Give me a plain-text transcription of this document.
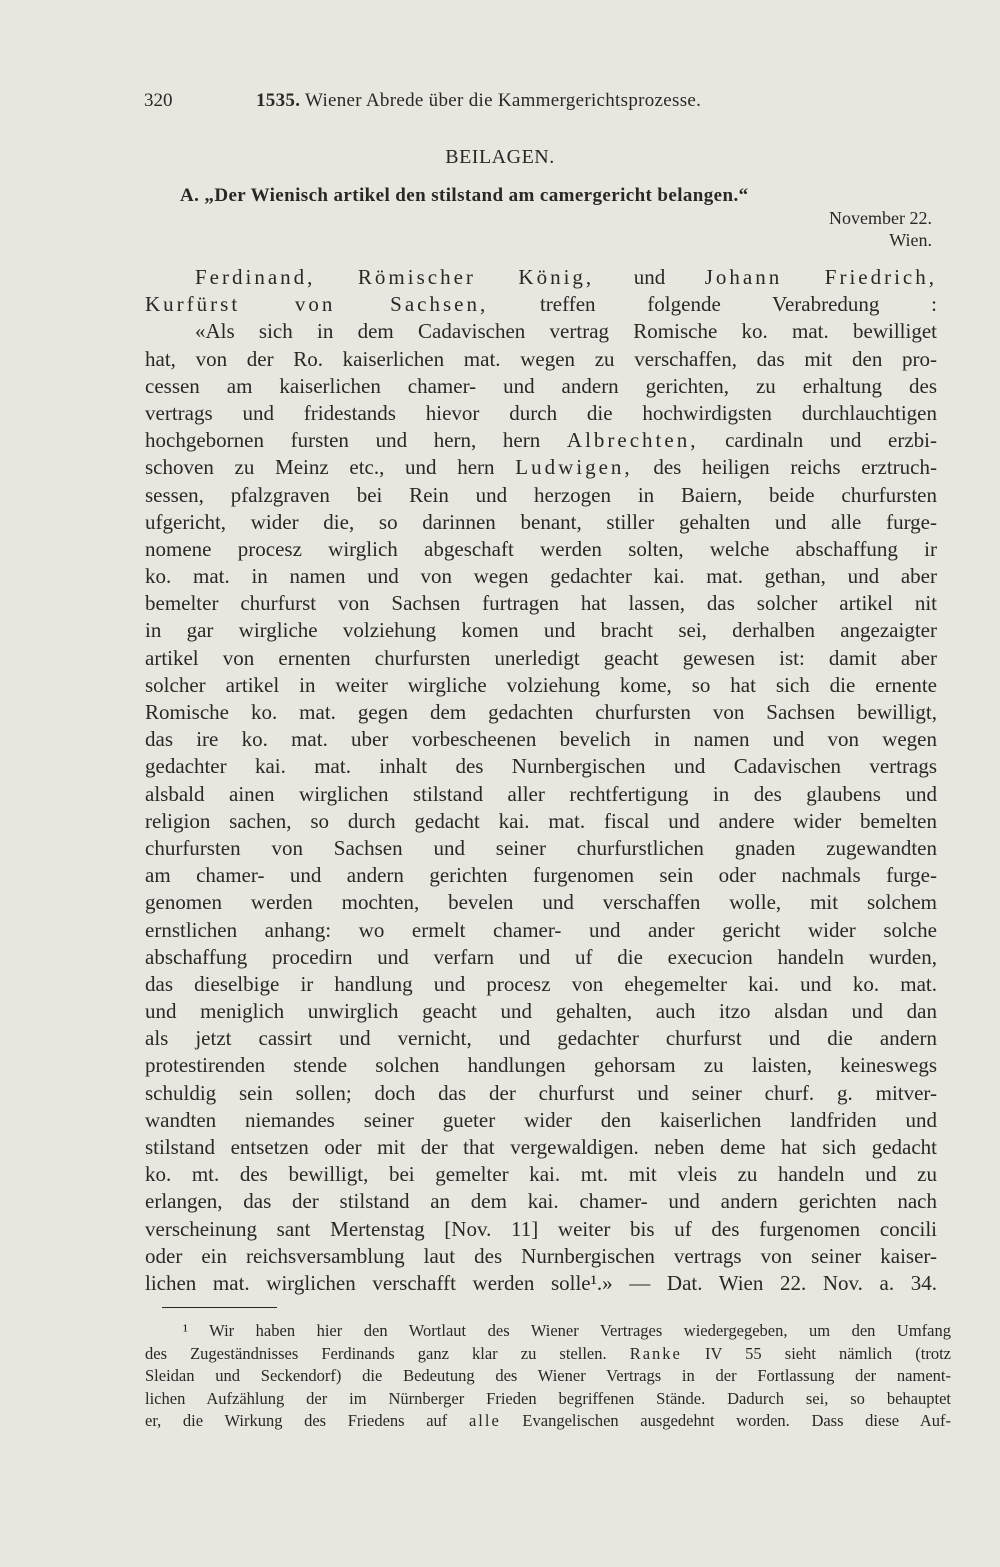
320	1535. Wiener Abrede über die Kammergerichtsprozesse.
BEILAGEN.
A. „Der Wienisch artikel den stilstand am camergericht belangen.“
November 22.
Wien.
Ferdinand, Römischer König, und Johann Friedrich,
Kurfürst von Sachsen, treffen folgende Verabredung :
«Als sich in dem Cadavischen vertrag Romische ko. mat. bewilliget
hat, von der Ro. kaiserlichen mat. wegen zu verschaffen, das mit den pro-
cessen am kaiserlichen chamer- und andern gerichten, zu erhaltung des
vertrags und fridestands hievor durch die hochwirdigsten durchlauchtigen
hochgebornen fursten und hern, hern Albrechten, cardinaln und erzbi-
schoven zu Meinz etc., und hern Ludwigen, des heiligen reichs erztruch-
sessen, pfalzgraven bei Rein und herzogen in Baiern, beide churfursten
ufgericht, wider die, so darinnen benant, stiller gehalten und alle furge-
nomene procesz wirglich abgeschaft werden solten, welche abschaffung ir
ko. mat. in namen und von wegen gedachter kai. mat. gethan, und aber
bemelter churfurst von Sachsen furtragen hat lassen, das solcher artikel nit
in gar wirgliche volziehung komen und bracht sei, derhalben angezaigter
artikel von ernenten churfursten unerledigt geacht gewesen ist: damit aber
solcher artikel in weiter wirgliche volziehung kome, so hat sich die ernente
Romische ko. mat. gegen dem gedachten churfursten von Sachsen bewilligt,
das ire ko. mat. uber vorbescheenen bevelich in namen und von wegen
gedachter kai. mat. inhalt des Nurnbergischen und Cadavischen vertrags
alsbald ainen wirglichen stilstand aller rechtfertigung in des glaubens und
religion sachen, so durch gedacht kai. mat. fiscal und andere wider bemelten
churfursten von Sachsen und seiner churfurstlichen gnaden zugewandten
am chamer- und andern gerichten furgenomen sein oder nachmals furge-
genomen werden mochten, bevelen und verschaffen wolle, mit solchem
ernstlichen anhang: wo ermelt chamer- und ander gericht wider solche
abschaffung procedirn und verfarn und uf die execucion handeln wurden,
das dieselbige ir handlung und procesz von ehegemelter kai. und ko. mat.
und meniglich unwirglich geacht und gehalten, auch itzo alsdan und dan
als jetzt cassirt und vernicht, und gedachter churfurst und die andern
protestirenden stende solchen handlungen gehorsam zu laisten, keineswegs
schuldig sein sollen; doch das der churfurst und seiner churf. g. mitver-
wandten niemandes seiner gueter wider den kaiserlichen landfriden und
stilstand entsetzen oder mit der that vergewaldigen. neben deme hat sich gedacht
ko. mt. des bewilligt, bei gemelter kai. mt. mit vleis zu handeln und zu
erlangen, das der stilstand an dem kai. chamer- und andern gerichten nach
verscheinung sant Mertenstag [Nov. 11] weiter bis uf des furgenomen concili
oder ein reichsversamblung laut des Nurnbergischen vertrags von seiner kaiser-
lichen mat. wirglichen verschafft werden solle¹.» — Dat. Wien 22. Nov. a. 34.
¹ Wir haben hier den Wortlaut des Wiener Vertrages wiedergegeben, um den Umfang
des Zugeständnisses Ferdinands ganz klar zu stellen. Ranke IV 55 sieht nämlich (trotz
Sleidan und Seckendorf) die Bedeutung des Wiener Vertrags in der Fortlassung der nament-
lichen Aufzählung der im Nürnberger Frieden begriffenen Stände. Dadurch sei, so behauptet
er, die Wirkung des Friedens auf alle Evangelischen ausgedehnt worden. Dass diese Auf-
